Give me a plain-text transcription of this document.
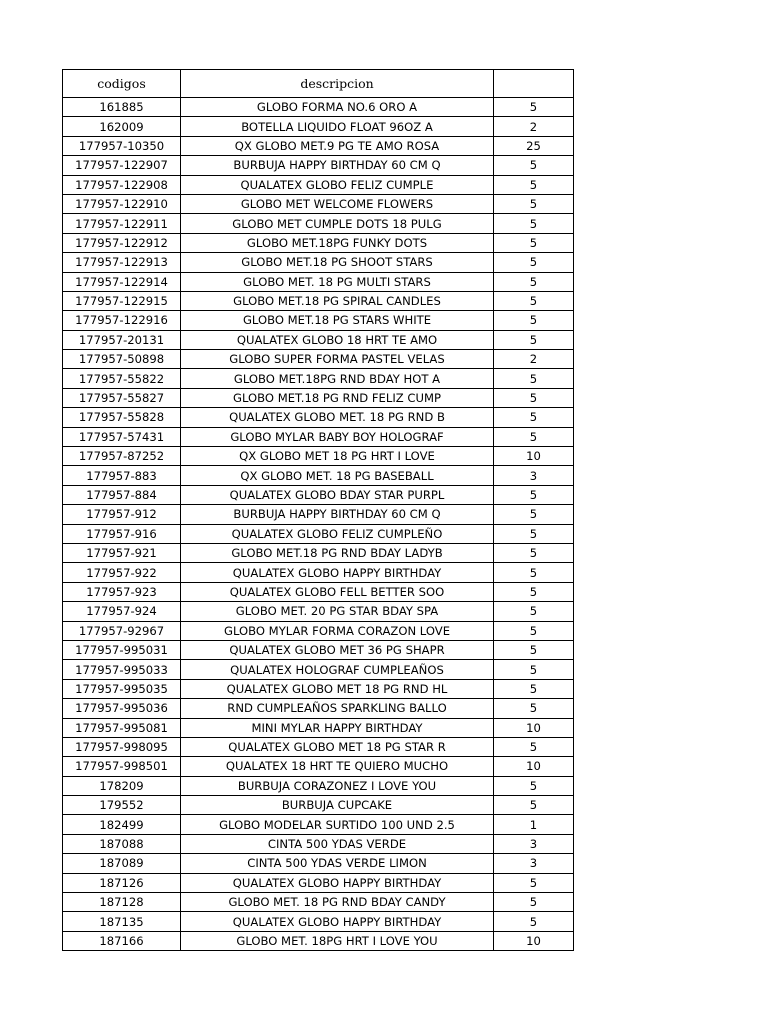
codigos	descripcion	
161885	GLOBO FORMA NO.6 ORO A	5
162009	BOTELLA LIQUIDO FLOAT 96OZ A	2
177957-10350	QX GLOBO MET.9 PG TE AMO ROSA	25
177957-122907	BURBUJA HAPPY BIRTHDAY 60 CM Q	5
177957-122908	QUALATEX GLOBO FELIZ CUMPLE	5
177957-122910	GLOBO MET WELCOME FLOWERS	5
177957-122911	GLOBO MET CUMPLE DOTS 18 PULG	5
177957-122912	GLOBO MET.18PG FUNKY DOTS	5
177957-122913	GLOBO MET.18 PG SHOOT STARS	5
177957-122914	GLOBO MET. 18 PG MULTI STARS	5
177957-122915	GLOBO MET.18 PG SPIRAL CANDLES	5
177957-122916	GLOBO MET.18 PG STARS WHITE	5
177957-20131	QUALATEX GLOBO 18 HRT TE AMO	5
177957-50898	GLOBO SUPER FORMA PASTEL VELAS	2
177957-55822	GLOBO MET.18PG RND BDAY HOT A	5
177957-55827	GLOBO MET.18 PG RND FELIZ CUMP	5
177957-55828	QUALATEX GLOBO MET. 18 PG RND B	5
177957-57431	GLOBO MYLAR BABY BOY HOLOGRAF	5
177957-87252	QX GLOBO MET 18 PG HRT I LOVE	10
177957-883	QX GLOBO MET. 18 PG BASEBALL	3
177957-884	QUALATEX GLOBO BDAY STAR PURPL	5
177957-912	BURBUJA HAPPY BIRTHDAY 60 CM Q	5
177957-916	QUALATEX GLOBO FELIZ CUMPLEÑO	5
177957-921	GLOBO MET.18 PG RND BDAY LADYB	5
177957-922	QUALATEX GLOBO HAPPY BIRTHDAY	5
177957-923	QUALATEX GLOBO FELL BETTER SOO	5
177957-924	GLOBO MET. 20 PG STAR BDAY SPA	5
177957-92967	GLOBO MYLAR FORMA CORAZON LOVE	5
177957-995031	QUALATEX GLOBO MET 36 PG SHAPR	5
177957-995033	QUALATEX HOLOGRAF CUMPLEAÑOS	5
177957-995035	QUALATEX GLOBO MET 18 PG RND HL	5
177957-995036	RND CUMPLEAÑOS SPARKLING BALLO	5
177957-995081	MINI MYLAR HAPPY BIRTHDAY	10
177957-998095	QUALATEX GLOBO MET 18 PG STAR R	5
177957-998501	QUALATEX 18 HRT TE QUIERO MUCHO	10
178209	BURBUJA CORAZONEZ I LOVE YOU	5
179552	BURBUJA CUPCAKE	5
182499	GLOBO MODELAR SURTIDO 100 UND 2.5	1
187088	CINTA 500 YDAS VERDE	3
187089	CINTA 500 YDAS VERDE LIMON	3
187126	QUALATEX GLOBO HAPPY BIRTHDAY	5
187128	GLOBO MET. 18 PG RND BDAY CANDY	5
187135	QUALATEX GLOBO HAPPY BIRTHDAY	5
187166	GLOBO MET. 18PG HRT I LOVE YOU	10
